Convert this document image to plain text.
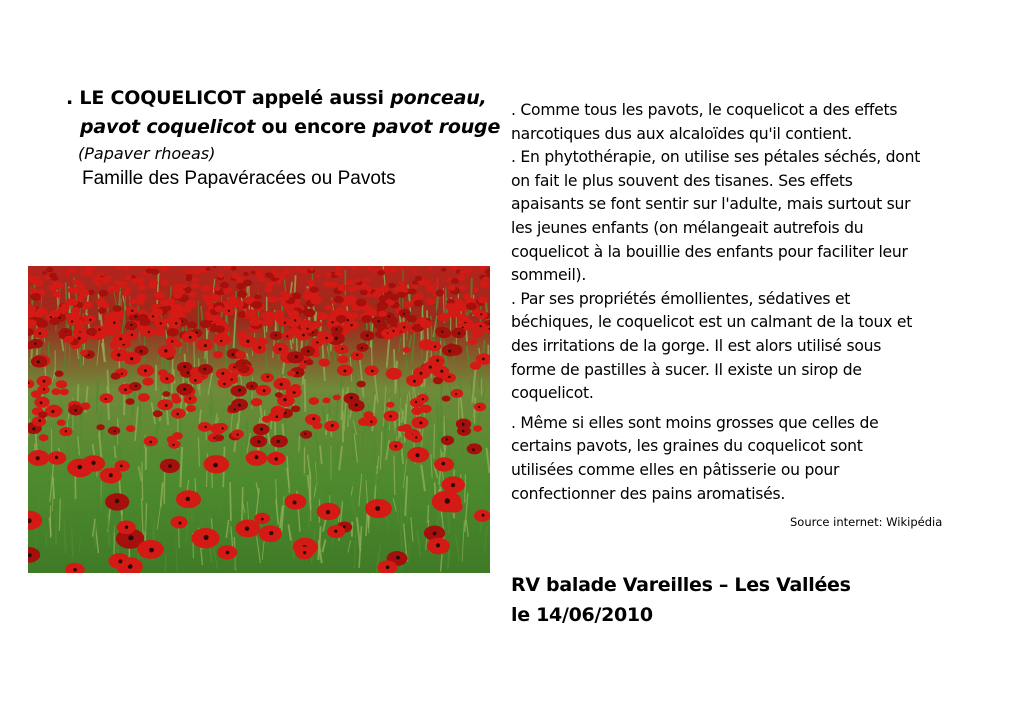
. LE COQUELICOT appelé aussi ponceau,
pavot coquelicot ou encore pavot rouge
(Papaver rhoeas)
Famille des Papavéracées ou Pavots
. Comme tous les pavots, le coquelicot a des effets
narcotiques dus aux alcaloïdes qu'il contient.
. En phytothérapie, on utilise ses pétales séchés, dont
on fait le plus souvent des tisanes. Ses effets
apaisants se font sentir sur l'adulte, mais surtout sur
les jeunes enfants (on mélangeait autrefois du
coquelicot à la bouillie des enfants pour faciliter leur
sommeil).
. Par ses propriétés émollientes, sédatives et
béchiques, le coquelicot est un calmant de la toux et
des irritations de la gorge. Il est alors utilisé sous
forme de pastilles à sucer. Il existe un sirop de
coquelicot.
. Même si elles sont moins grosses que celles de
certains pavots, les graines du coquelicot sont
utilisées comme elles en pâtisserie ou pour
confectionner des pains aromatisés.
Source internet: Wikipédia
RV balade Vareilles – Les Vallées
le 14/06/2010
